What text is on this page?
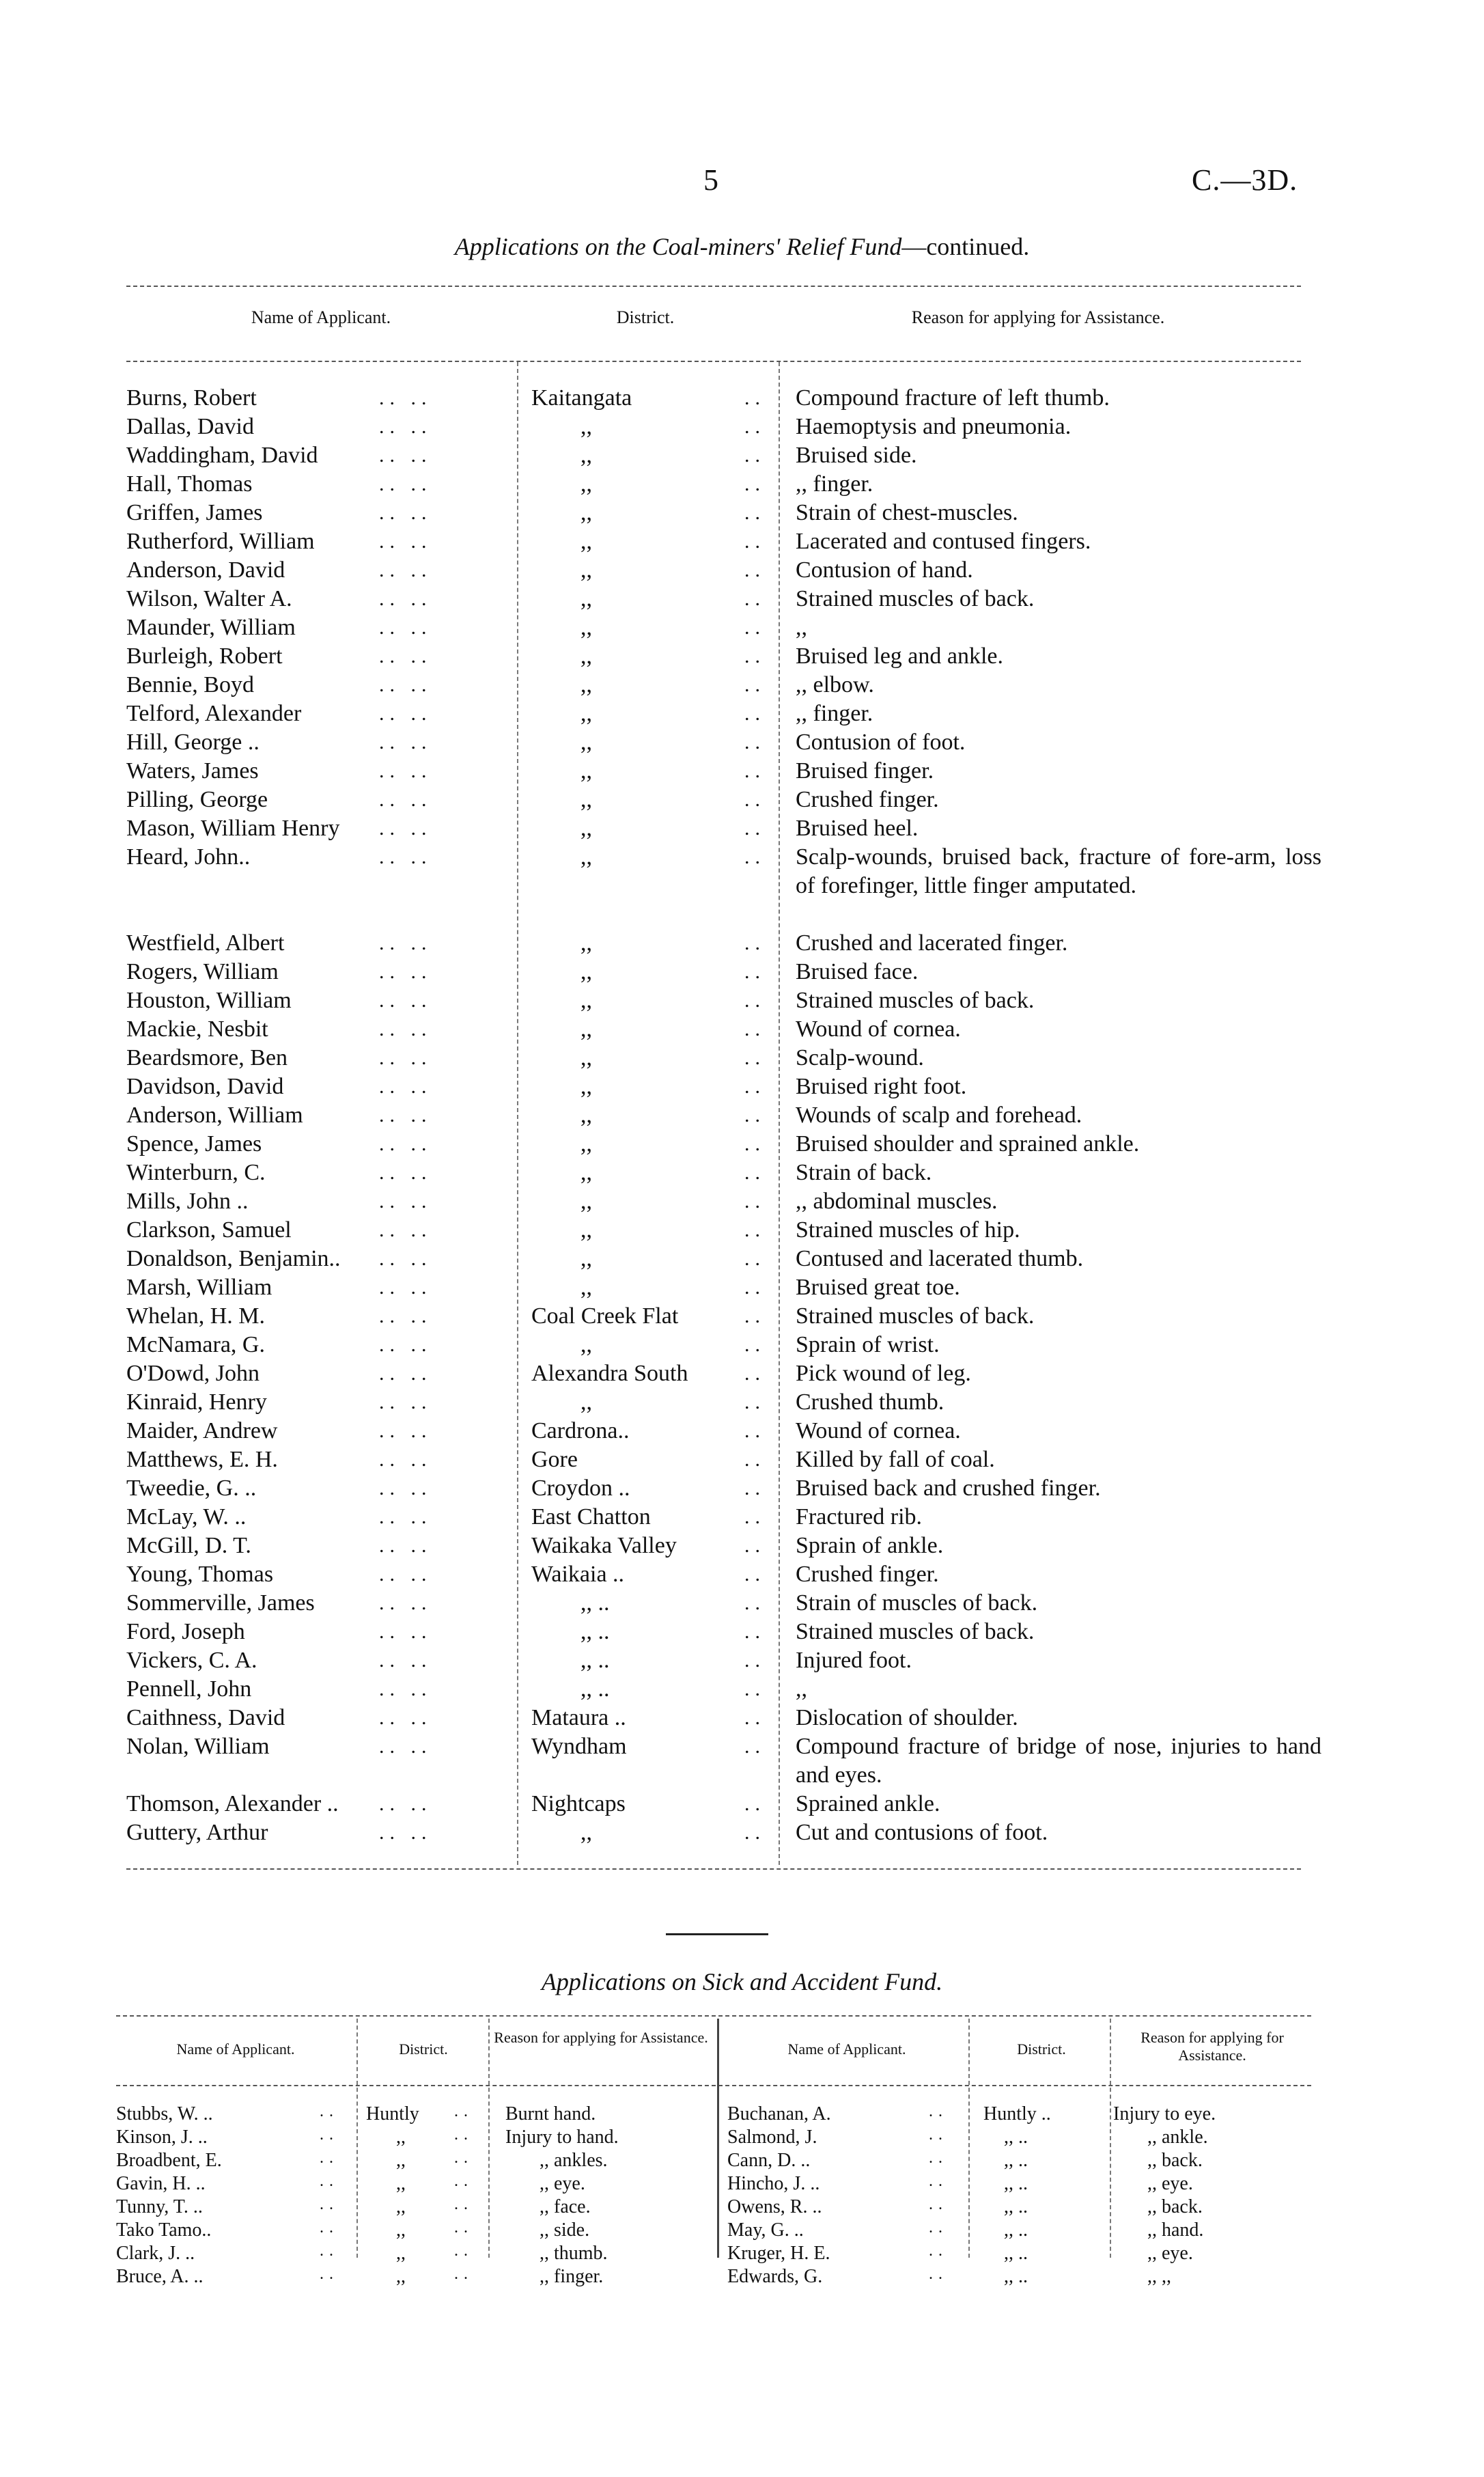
5	C.—3D.
Applications on the Coal-miners' Relief Fund—continued.
Name of Applicant.	District.	Reason for applying for Assistance.
Burns, Robert	.. ..	Kaitangata	.. Compound fracture of left thumb.
Dallas, David	.. ..	,,	.. Haemoptysis and pneumonia.
Waddingham, David	.. ..	,,	.. Bruised side.
Hall, Thomas	.. ..	,,	.. ,, finger.
Griffen, James	.. ..	,,	.. Strain of chest-muscles.
Rutherford, William	.. ..	,,	.. Lacerated and contused fingers.
Anderson, David	.. ..	,,	.. Contusion of hand.
Wilson, Walter A.	.. ..	,,	.. Strained muscles of back.
Maunder, William	.. ..	,,	.. ,,
Burleigh, Robert	.. ..	,,	.. Bruised leg and ankle.
Bennie, Boyd	.. ..	,,	.. ,, elbow.
Telford, Alexander	.. ..	,,	.. ,, finger.
Hill, George ..	.. ..	,,	.. Contusion of foot.
Waters, James	.. ..	,,	.. Bruised finger.
Pilling, George	.. ..	,,	.. Crushed finger.
Mason, William Henry .. ..	,,	.. Bruised heel.
Heard, John..	.. ..	,,	.. Scalp-wounds, bruised back, fracture of fore-arm, loss of forefinger, little finger amputated.
Westfield, Albert	.. ..	,,	.. Crushed and lacerated finger.
Rogers, William	.. ..	,,	.. Bruised face.
Houston, William	.. ..	,,	.. Strained muscles of back.
Mackie, Nesbit	.. ..	,,	.. Wound of cornea.
Beardsmore, Ben	.. ..	,,	.. Scalp-wound.
Davidson, David	.. ..	,,	.. Bruised right foot.
Anderson, William	.. ..	,,	.. Wounds of scalp and forehead.
Spence, James	.. ..	,,	.. Bruised shoulder and sprained ankle.
Winterburn, C.	.. ..	,,	.. Strain of back.
Mills, John ..	.. ..	,,	.. ,, abdominal muscles.
Clarkson, Samuel	.. ..	,,	.. Strained muscles of hip.
Donaldson, Benjamin.. .. ..	,,	.. Contused and lacerated thumb.
Marsh, William	.. ..	,,	.. Bruised great toe.
Whelan, H. M.	.. ..	Coal Creek Flat	.. Strained muscles of back.
McNamara, G.	.. ..	,,	.. Sprain of wrist.
O'Dowd, John	.. ..	Alexandra South	.. Pick wound of leg.
Kinraid, Henry	.. ..	,,	.. Crushed thumb.
Maider, Andrew	.. ..	Cardrona..	.. Wound of cornea.
Matthews, E. H.	.. ..	Gore	.. Killed by fall of coal.
Tweedie, G. ..	.. ..	Croydon ..	.. Bruised back and crushed finger.
McLay, W. ..	.. ..	East Chatton	.. Fractured rib.
McGill, D. T.	.. ..	Waikaka Valley	.. Sprain of ankle.
Young, Thomas	.. ..	Waikaia ..	.. Crushed finger.
Sommerville, James	.. ..	,, ..	.. Strain of muscles of back.
Ford, Joseph	.. ..	,, ..	.. Strained muscles of back.
Vickers, C. A.	.. ..	,, ..	.. Injured foot.
Pennell, John	.. ..	,, ..	.. ,,
Caithness, David	.. ..	Mataura ..	.. Dislocation of shoulder.
Nolan, William	.. ..	Wyndham	.. Compound fracture of bridge of nose, injuries to hand and eyes.
Thomson, Alexander .. .. ..	Nightcaps	.. Sprained ankle.
Guttery, Arthur	.. ..	,,	.. Cut and contusions of foot.
Applications on Sick and Accident Fund.
Name of Applicant.	District.
Reason for applying for Assistance.
Name of Applicant.	District.
Reason for applying for Assistance.
Stubbs, W. ..	.. Huntly .. Burnt hand.
Kinson, J. ..	..	,,	.. Injury to hand.
Broadbent, E.	..	,,	..	,, ankles.
Gavin, H. ..	..	,,	..	,, eye.
Tunny, T. ..	..	,,	..	,, face.
Tako Tamo..	..	,,	..	,, side.
Clark, J. ..	..	,,	..	,, thumb.
Bruce, A. ..	..	,,	..	,, finger.
Buchanan, A.	.. Huntly ..	Injury to eye.
Salmond, J.	..	,, ..	,, ankle.
Cann, D. ..	..	,, ..	,, back.
Hincho, J. ..	..	,, ..	,, eye.
Owens, R. ..	..	,, ..	,, back.
May, G. ..	..	,, ..	,, hand.
Kruger, H. E.	..	,, ..	,, eye.
Edwards, G.	..	,, ..	,, ,,
